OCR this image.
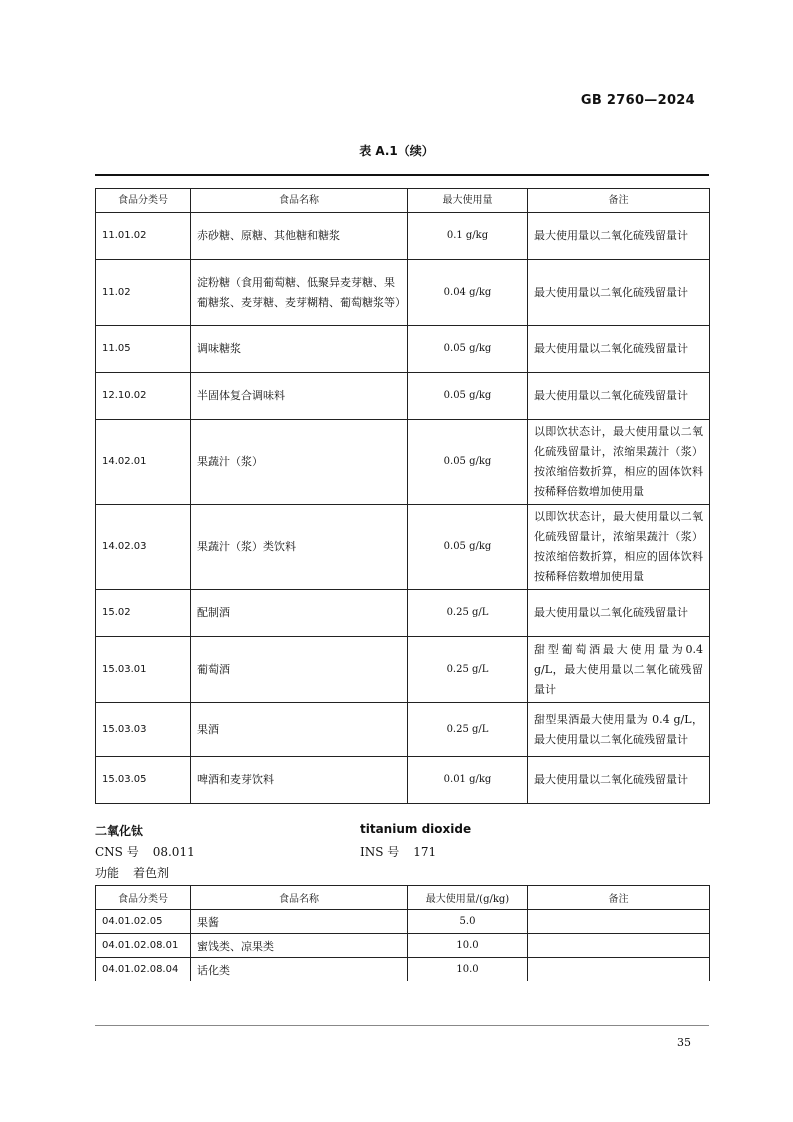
GB 2760—2024
表 A.1（续）
食品分类号	食品名称	最大使用量	备注
11.01.02	赤砂糖、原糖、其他糖和糖浆	0.1 g/kg	最大使用量以二氧化硫残留量计
11.02	淀粉糖（食用葡萄糖、低聚异麦芽糖、果葡糖浆、麦芽糖、麦芽糊精、葡萄糖浆等）	0.04 g/kg	最大使用量以二氧化硫残留量计
11.05	调味糖浆	0.05 g/kg	最大使用量以二氧化硫残留量计
12.10.02	半固体复合调味料	0.05 g/kg	最大使用量以二氧化硫残留量计
14.02.01	果蔬汁（浆）	0.05 g/kg	以即饮状态计，最大使用量以二氧化硫残留量计，浓缩果蔬汁（浆）按浓缩倍数折算，相应的固体饮料按稀释倍数增加使用量
14.02.03	果蔬汁（浆）类饮料	0.05 g/kg	以即饮状态计，最大使用量以二氧化硫残留量计，浓缩果蔬汁（浆）按浓缩倍数折算，相应的固体饮料按稀释倍数增加使用量
15.02	配制酒	0.25 g/L	最大使用量以二氧化硫残留量计
15.03.01	葡萄酒	0.25 g/L	甜型葡萄酒最大使用量为0.4 g/L，最大使用量以二氧化硫残留量计
15.03.03	果酒	0.25 g/L	甜型果酒最大使用量为 0.4 g/L，最大使用量以二氧化硫残留量计
15.03.05	啤酒和麦芽饮料	0.01 g/kg	最大使用量以二氧化硫残留量计
二氧化钛	titanium dioxide
CNS 号 08.011	INS 号 171
功能 着色剂
食品分类号	食品名称	最大使用量/(g/kg)	备注
04.01.02.05	果酱	5.0	
04.01.02.08.01	蜜饯类、凉果类	10.0	
04.01.02.08.04	话化类	10.0	
35
